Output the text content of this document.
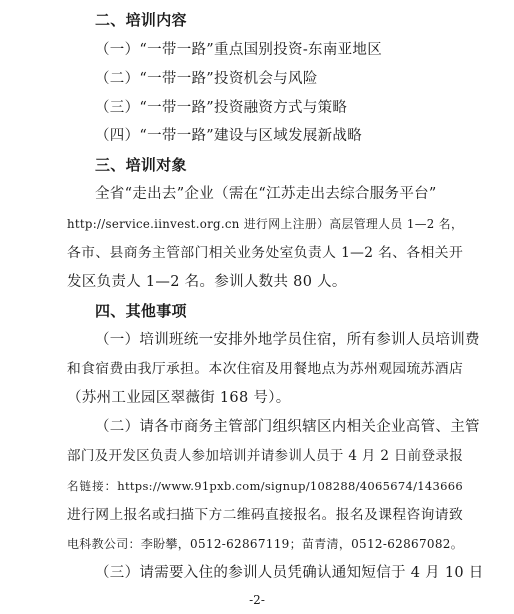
二、培训内容
（一）“一带一路”重点国别投资-东南亚地区
（二）“一带一路”投资机会与风险
（三）“一带一路”投资融资方式与策略
（四）“一带一路”建设与区域发展新战略
三、培训对象
全省“走出去”企业（需在“江苏走出去综合服务平台”
http://service.iinvest.org.cn 进行网上注册）高层管理人员 1—2 名，
各市、县商务主管部门相关业务处室负责人 1—2 名、各相关开
发区负责人 1—2 名。参训人数共 80 人。
四、其他事项
（一）培训班统一安排外地学员住宿，所有参训人员培训费
和食宿费由我厅承担。本次住宿及用餐地点为苏州观园琉苏酒店
（苏州工业园区翠薇街 168 号）。
（二）请各市商务主管部门组织辖区内相关企业高管、主管
部门及开发区负责人参加培训并请参训人员于 4 月 2 日前登录报
名链接：https://www.91pxb.com/signup/108288/4065674/143666
进行网上报名或扫描下方二维码直接报名。报名及课程咨询请致
电科教公司：李盼攀，0512-62867119；苗青清，0512-62867082。
（三）请需要入住的参训人员凭确认通知短信于 4 月 10 日
-2-
